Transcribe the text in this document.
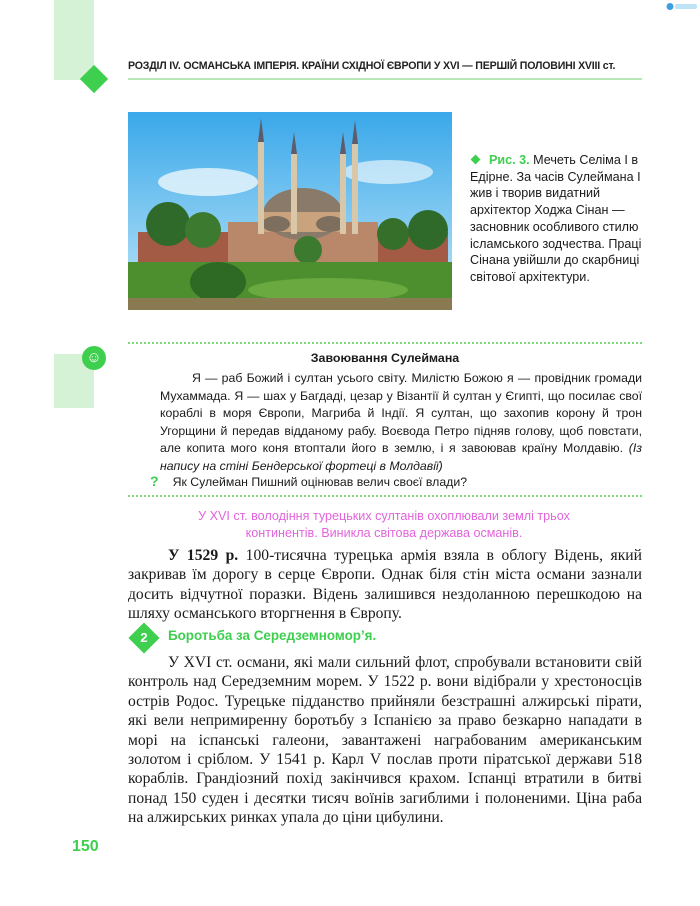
РОЗДІЛ IV. ОСМАНСЬКА ІМПЕРІЯ. КРАЇНИ СХІДНОЇ ЄВРОПИ У XVI — ПЕРШІЙ ПОЛОВИНІ XVIII ст.
Рис. 3. Мечеть Селіма І в Едірне. За часів Сулеймана І жив і творив видатний архітектор Ходжа Сінан — засновник особливого стилю ісламського зодчества. Праці Сінана увійшли до скарбниці світової архітектури.
☺	Завоювання Сулеймана
Я — раб Божий і султан усього світу. Милістю Божою я — провідник громади Мухаммада. Я — шах у Багдаді, цезар у Візантії й султан у Єгипті, що посилає свої кораблі в моря Європи, Магриба й Індії. Я султан, що захопив корону й трон Угорщини й передав відданому рабу. Воєвода Петро підняв голову, щоб повстати, але копита мого коня втоптали його в землю, і я завоював країну Молдавію. (Із напису на стіні Бендерської фортеці в Молдавії)
? Як Сулейман Пишний оцінював велич своєї влади?
У XVI ст. володіння турецьких султанів охоплювали землі трьох континентів. Виникла світова держава османів.
У 1529 р. 100-тисячна турецька армія взяла в облогу Відень, який закривав їм дорогу в серце Європи. Однак біля стін міста османи зазнали досить відчутної поразки. Відень залишився нездоланною перешкодою на шляху османського вторгнення в Європу.
2	Боротьба за Середземномор’я.
У XVI ст. османи, які мали сильний флот, спробували встановити свій контроль над Середземним морем. У 1522 р. вони відібрали у хрестоносців острів Родос. Турецьке підданство прийняли безстрашні алжирські пірати, які вели непримиренну боротьбу з Іспанією за право безкарно нападати в морі на іспанські галеони, завантажені награбованим американським золотом і сріблом. У 1541 р. Карл V послав проти піратської держави 518 кораблів. Грандіозний похід закінчився крахом. Іспанці втратили в битві понад 150 суден і десятки тисяч воїнів загиблими і полоненими. Ціна раба на алжирських ринках упала до ціни цибулини.
150
